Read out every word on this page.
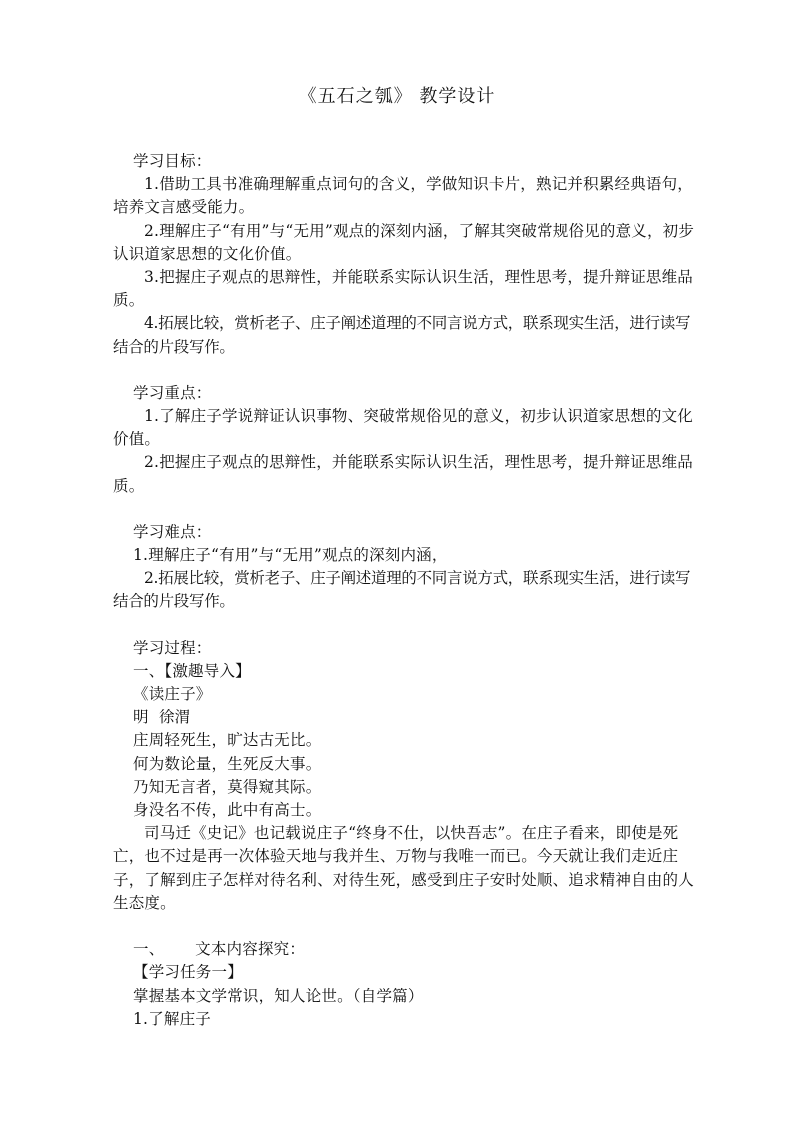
《五石之瓠》 教学设计

学习目标：

1.借助工具书准确理解重点词句的含义，学做知识卡片，熟记并积累经典语句，培养文言感受能力。

2.理解庄子“有用”与“无用”观点的深刻内涵，了解其突破常规俗见的意义，初步认识道家思想的文化价值。

3.把握庄子观点的思辩性，并能联系实际认识生活，理性思考，提升辩证思维品质。

4.拓展比较，赏析老子、庄子阐述道理的不同言说方式，联系现实生活，进行读写结合的片段写作。

学习重点：

1.了解庄子学说辩证认识事物、突破常规俗见的意义，初步认识道家思想的文化价值。

2.把握庄子观点的思辩性，并能联系实际认识生活，理性思考，提升辩证思维品质。

学习难点：

1.理解庄子“有用”与“无用”观点的深刻内涵，

2.拓展比较，赏析老子、庄子阐述道理的不同言说方式，联系现实生活，进行读写结合的片段写作。

学习过程：

一、【激趣导入】

《读庄子》

明  徐渭

庄周轻死生，旷达古无比。

何为数论量，生死反大事。

乃知无言者，莫得窥其际。

身没名不传，此中有高士。

司马迁《史记》也记载说庄子“终身不仕，以快吾志”。在庄子看来，即使是死亡，也不过是再一次体验天地与我并生、万物与我唯一而已。今天就让我们走近庄子，了解到庄子怎样对待名利、对待生死，感受到庄子安时处顺、追求精神自由的人生态度。

一、      文本内容探究：

【学习任务一】

掌握基本文学常识，知人论世。（自学篇）

1.了解庄子
